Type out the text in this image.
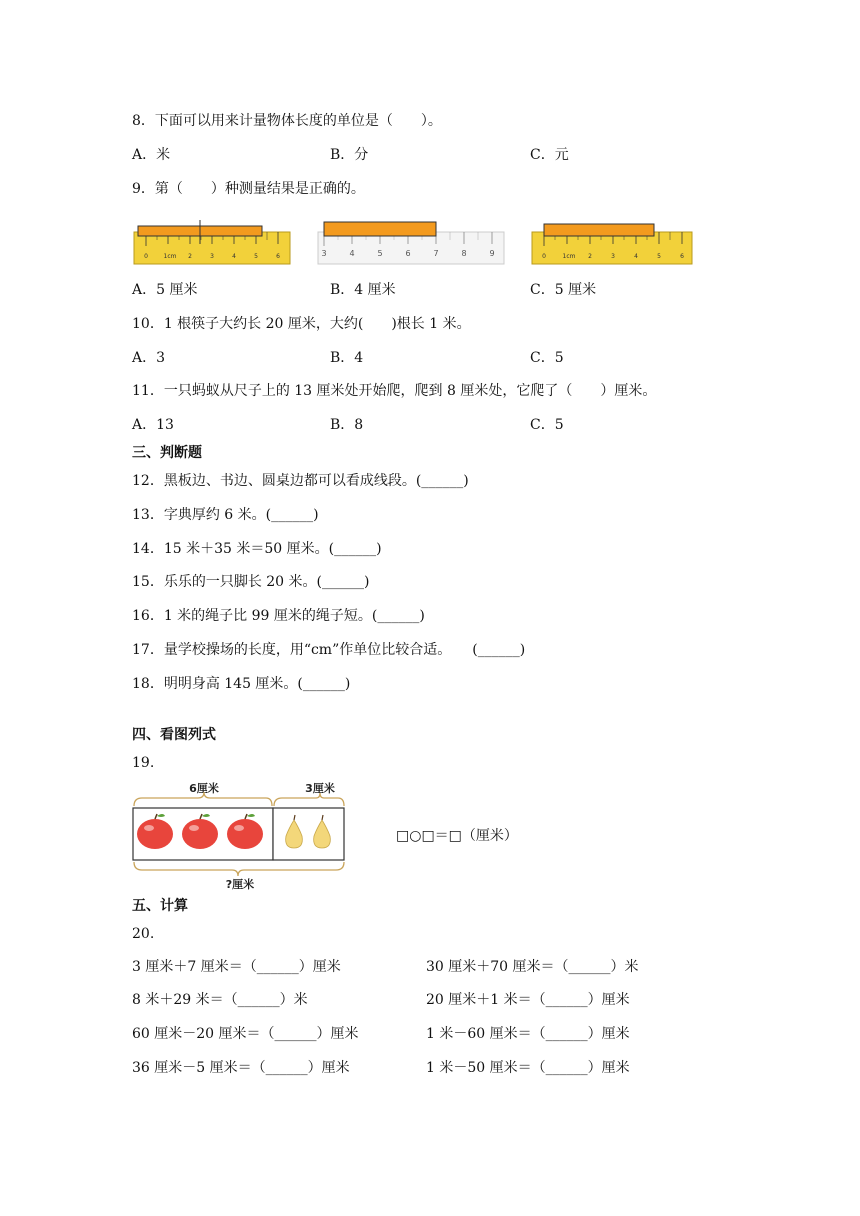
8．下面可以用来计量物体长度的单位是（　　）。
A．米	B．分	C．元
9．第（　　）种测量结果是正确的。
0	1cm 2	3	4	5	6	3	4	5	6	7	8	9	0	1cm 2	3	4	5	6
A．5 厘米	B．4 厘米	C．5 厘米
10．1 根筷子大约长 20 厘米，大约(　　)根长 1 米。
A．3	B．4	C．5
11．一只蚂蚁从尺子上的 13 厘米处开始爬，爬到 8 厘米处，它爬了（　　）厘米。
A．13	B．8	C．5
三、判断题
12．黑板边、书边、圆桌边都可以看成线段。(______)
13．字典厚约 6 米。(______)
14．15 米＋35 米＝50 厘米。(______)
15．乐乐的一只脚长 20 米。(______)
16．1 米的绳子比 99 厘米的绳子短。(______)
17．量学校操场的长度，用“cm”作单位比较合适。　　(______)
18．明明身高 145 厘米。(______)
四、看图列式
19.
6厘米	3厘米
?厘米
□○□＝□（厘米）
五、计算
20.
3 厘米＋7 厘米＝（______）厘米	30 厘米＋70 厘米＝（______）米
8 米＋29 米＝（______）米	20 厘米＋1 米＝（______）厘米
60 厘米－20 厘米＝（______）厘米	1 米－60 厘米＝（______）厘米
36 厘米－5 厘米＝（______）厘米	1 米－50 厘米＝（______）厘米
